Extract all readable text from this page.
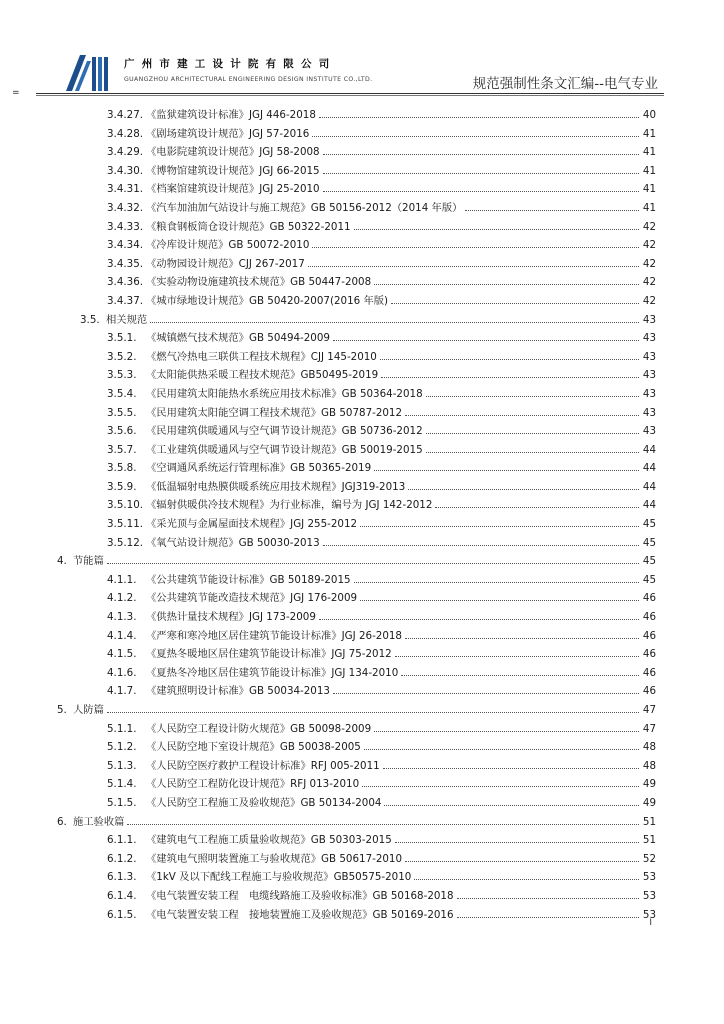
广州市建工设计院有限公司
GUANGZHOU ARCHITECTURAL ENGINEERING DESIGN INSTITUTE CO.,LTD.	规范强制性条文汇编--电气专业
=
3.4.27. 《监狱建筑设计标准》JGJ 446-2018	40
3.4.28. 《剧场建筑设计规范》JGJ 57-2016	41
3.4.29. 《电影院建筑设计规范》JGJ 58-2008	41
3.4.30. 《博物馆建筑设计规范》JGJ 66-2015	41
3.4.31. 《档案馆建筑设计规范》JGJ 25-2010	41
3.4.32. 《汽车加油加气站设计与施工规范》GB 50156-2012（2014 年版）	41
3.4.33. 《粮食钢板筒仓设计规范》GB 50322-2011	42
3.4.34. 《冷库设计规范》GB 50072-2010	42
3.4.35. 《动物园设计规范》CJJ 267-2017	42
3.4.36. 《实验动物设施建筑技术规范》GB 50447-2008	42
3.4.37. 《城市绿地设计规范》GB 50420-2007(2016 年版)	42
3.5. 相关规范	43
3.5.1. 《城镇燃气技术规范》GB 50494-2009	43
3.5.2. 《燃气冷热电三联供工程技术规程》CJJ 145-2010	43
3.5.3. 《太阳能供热采暖工程技术规范》GB50495-2019	43
3.5.4. 《民用建筑太阳能热水系统应用技术标准》GB 50364-2018	43
3.5.5. 《民用建筑太阳能空调工程技术规范》GB 50787-2012	43
3.5.6. 《民用建筑供暖通风与空气调节设计规范》GB 50736-2012	43
3.5.7. 《工业建筑供暖通风与空气调节设计规范》GB 50019-2015	44
3.5.8. 《空调通风系统运行管理标准》GB 50365-2019	44
3.5.9. 《低温辐射电热膜供暖系统应用技术规程》JGJ319-2013	44
3.5.10. 《辐射供暖供冷技术规程》为行业标准，编号为 JGJ 142-2012	44
3.5.11. 《采光顶与金属屋面技术规程》JGJ 255-2012	45
3.5.12. 《氧气站设计规范》GB 50030-2013	45
4. 节能篇	45
4.1.1. 《公共建筑节能设计标准》GB 50189-2015	45
4.1.2. 《公共建筑节能改造技术规范》JGJ 176-2009	46
4.1.3. 《供热计量技术规程》JGJ 173-2009	46
4.1.4. 《严寒和寒冷地区居住建筑节能设计标准》JGJ 26-2018	46
4.1.5. 《夏热冬暖地区居住建筑节能设计标准》JGJ 75-2012	46
4.1.6. 《夏热冬冷地区居住建筑节能设计标准》JGJ 134-2010	46
4.1.7. 《建筑照明设计标准》GB 50034-2013	46
5. 人防篇	47
5.1.1. 《人民防空工程设计防火规范》GB 50098-2009	47
5.1.2. 《人民防空地下室设计规范》GB 50038-2005	48
5.1.3. 《人民防空医疗救护工程设计标准》RFJ 005-2011	48
5.1.4. 《人民防空工程防化设计规范》RFJ 013-2010	49
5.1.5. 《人民防空工程施工及验收规范》GB 50134-2004	49
6. 施工验收篇	51
6.1.1. 《建筑电气工程施工质量验收规范》GB 50303-2015	51
6.1.2. 《建筑电气照明装置施工与验收规范》GB 50617-2010	52
6.1.3. 《1kV 及以下配线工程施工与验收规范》GB50575-2010	53
6.1.4. 《电气装置安装工程　电缆线路施工及验收标准》GB 50168-2018	53
6.1.5. 《电气装置安装工程　接地装置施工及验收规范》GB 50169-2016	53
I
